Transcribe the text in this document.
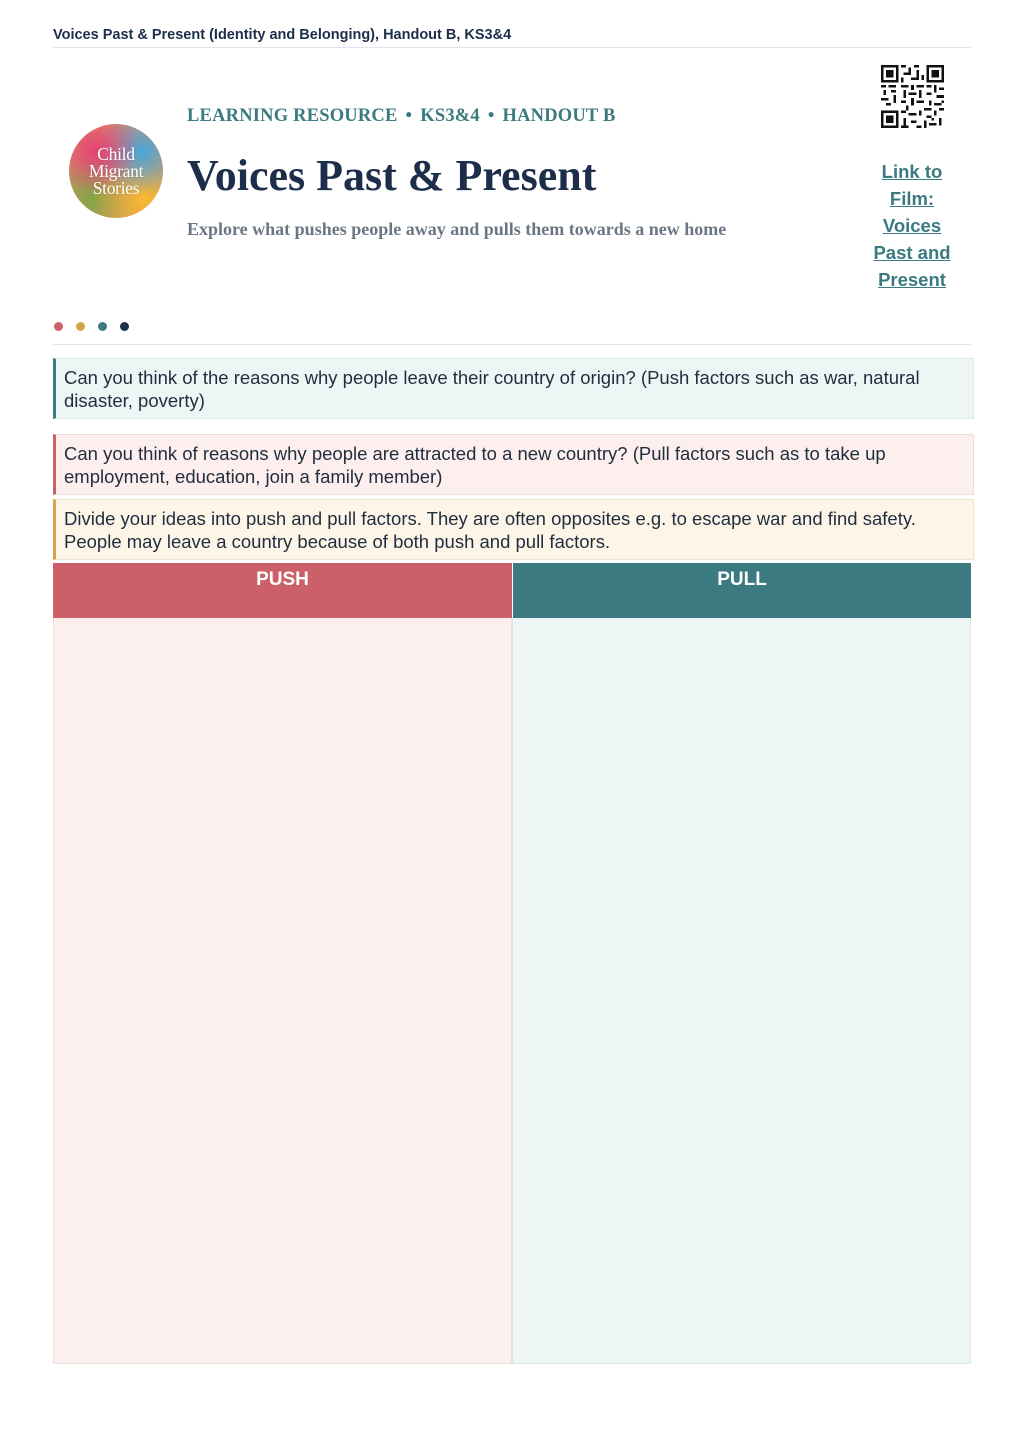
Voices Past & Present (Identity and Belonging), Handout B, KS3&4
Child
Migrant
Stories
LEARNING RESOURCE • KS3&4 • HANDOUT B
Voices Past & Present
Explore what pushes people away and pulls them towards a new home
Link to
Film:
Voices
Past and
Present
Can you think of the reasons why people leave their country of origin? (Push factors such as war, natural disaster, poverty)
Can you think of reasons why people are attracted to a new country? (Pull factors such as to take up employment, education, join a family member)
Divide your ideas into push and pull factors. They are often opposites e.g. to escape war and find safety. People may leave a country because of both push and pull factors.
PUSH	PULL
